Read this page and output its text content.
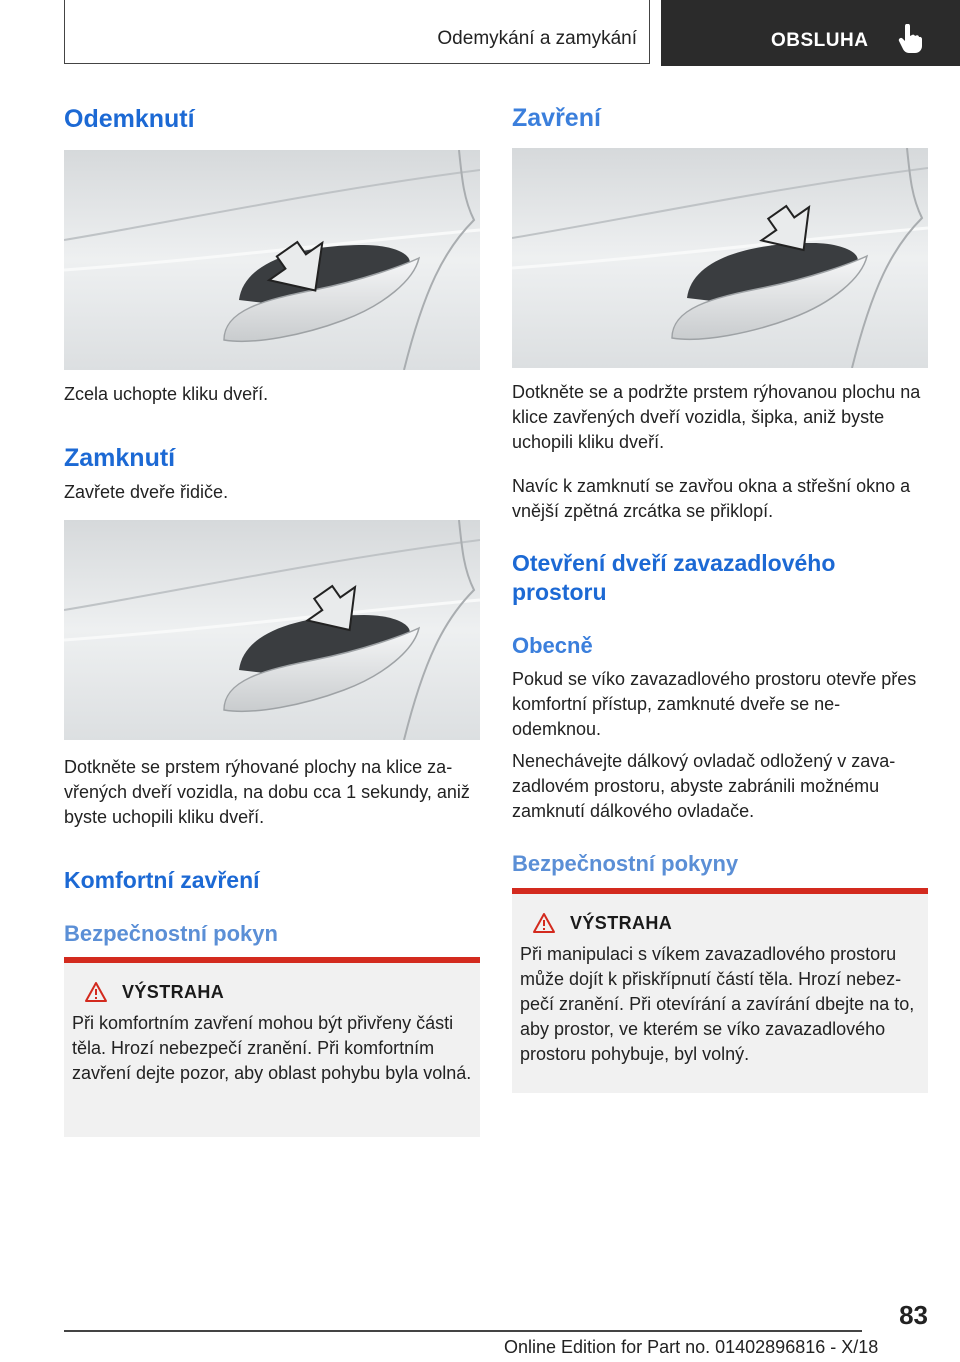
Odemykání a zamykání	OBSLUHA
Odemknutí

Zcela uchopte kliku dveří.

Zamknutí

Zavřete dveře řidiče.

Dotkněte se prstem rýhované plochy na klice za-vřených dveří vozidla, na dobu cca 1 sekundy, aniž byste uchopili kliku dveří.

Komfortní zavření
Bezpečnostní pokyn
VÝSTRAHA

Při komfortním zavření mohou být přivřeny části těla. Hrozí nebezpečí zranění. Při komfortním zavření dejte pozor, aby oblast pohybu byla volná.

Zavření

Dotkněte se a podržte prstem rýhovanou plochu na klice zavřených dveří vozidla, šipka, aniž byste uchopili kliku dveří.

Navíc k zamknutí se zavřou okna a střešní okno a vnější zpětná zrcátka se přiklopí.

Otevření dveří zavazadlového prostoru
Obecně

Pokud se víko zavazadlového prostoru otevře přes komfortní přístup, zamknuté dveře se ne-odemknou.

Nenechávejte dálkový ovladač odložený v zava-zadlovém prostoru, abyste zabránili možnému zamknutí dálkového ovladače.

Bezpečnostní pokyny
VÝSTRAHA

Při manipulaci s víkem zavazadlového prostoru může dojít k přiskřípnutí částí těla. Hrozí nebez-pečí zranění. Při otevírání a zavírání dbejte na to, aby prostor, ve kterém se víko zavazadlového prostoru pohybuje, byl volný.

83
Online Edition for Part no. 01402896816 - X/18
